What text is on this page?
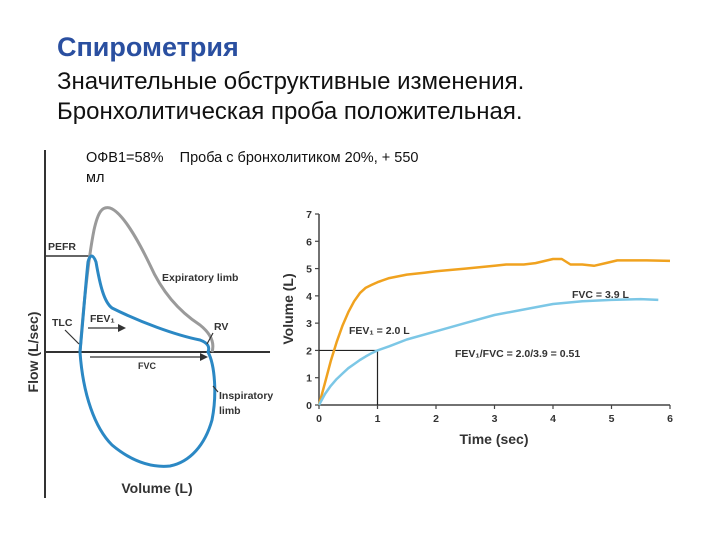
Спирометрия
Значительные обструктивные изменения.
Бронхолитическая проба положительная.
ОФВ1=58%    Проба с бронхолитиком 20%, + 550
мл
PEFR
TLC FEV₁
FVC
RV
Expiratory limb
Inspiratory
limb
Flow (L/sec)
Volume (L)
0
1
2
3
4
5
6
7
0	1	2	3	4	5	6
FVC = 3.9 L
FEV₁ = 2.0 L
FEV₁/FVC = 2.0/3.9 = 0.51
Time (sec)
Volume (L)
